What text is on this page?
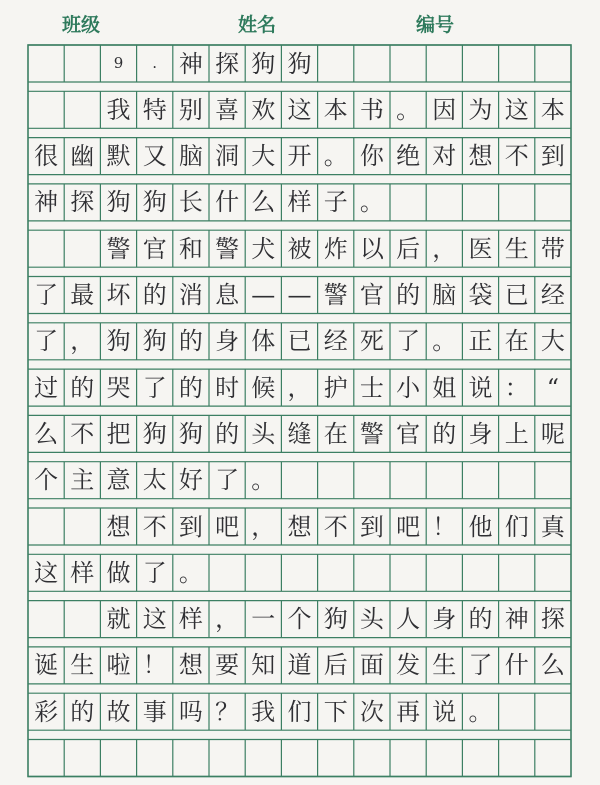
班级	姓名	编号
9	. 神 探 狗 狗
我 特 别 喜 欢 这 本 书 。 因 为 这 本
很 幽 默 又 脑 洞 大 开 。 你 绝 对 想 不 到
神 探 狗 狗 长 什 么 样 子 。
警 官 和 警 犬 被 炸 以 后 ， 医 生 带
了 最 坏 的 消 息 — — 警 官 的 脑 袋 已 经
了 ， 狗 狗 的 身 体 已 经 死 了 。 正 在 大
过 的 哭 了 的 时 候 ， 护 士 小 姐 说 ： “
么 不 把 狗 狗 的 头 缝 在 警 官 的 身 上 呢
个 主 意 太 好 了 。
想 不 到 吧 ， 想 不 到 吧 ！ 他 们 真
这 样 做 了 。
就 这 样 ， 一 个 狗 头 人 身 的 神 探
诞 生 啦 ！ 想 要 知 道 后 面 发 生 了 什 么
彩 的 故 事 吗 ？ 我 们 下 次 再 说 。
